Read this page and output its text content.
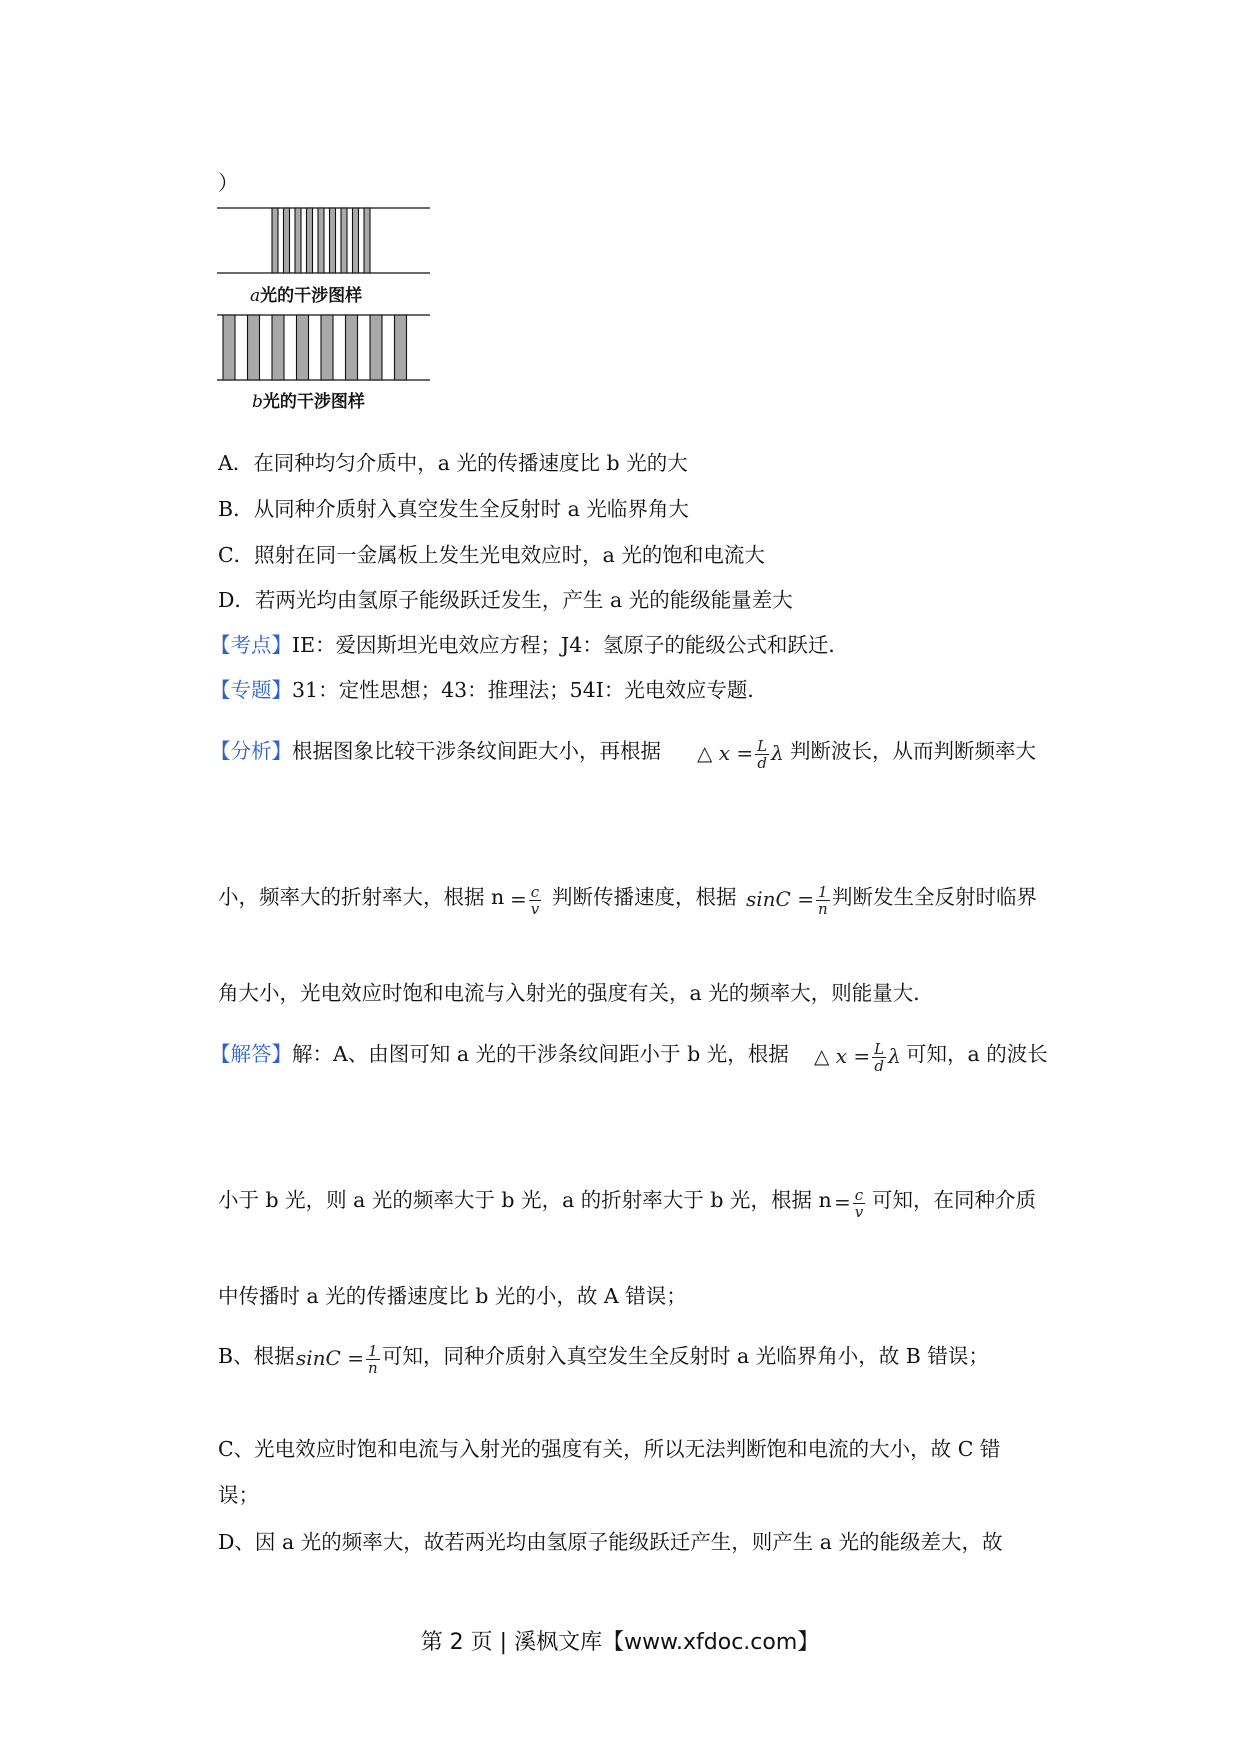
）
a光的干涉图样
b光的干涉图样
A．在同种均匀介质中，a 光的传播速度比 b 光的大
B．从同种介质射入真空发生全反射时 a 光临界角大
C．照射在同一金属板上发生光电效应时，a 光的饱和电流大
D．若两光均由氢原子能级跃迁发生，产生 a 光的能级能量差大
【考点】IE：爱因斯坦光电效应方程；J4：氢原子的能级公式和跃迁．
【专题】31：定性思想；43：推理法；54I：光电效应专题．
【分析】根据图象比较干涉条纹间距大小，再根据 △ $x = \frac{L}{d}$ λ 判断波长，从而判断频率大
小，频率大的折射率大，根据 $n = \frac{c}{v}$ 判断传播速度，根据 $\sin C = \frac{1}{n}$ 判断发生全反射时临界
角大小，光电效应时饱和电流与入射光的强度有关，a 光的频率大，则能量大．
【解答】解：A、由图可知 a 光的干涉条纹间距小于 b 光，根据 △ $x = \frac{L}{d}$ λ 可知，a 的波长
小于 b 光，则 a 光的频率大于 b 光，a 的折射率大于 b 光，根据 $n = \frac{c}{v}$ 可知，在同种介质
中传播时 a 光的传播速度比 b 光的小，故 A 错误；
B、根据 $\sin C = \frac{1}{n}$ 可知，同种介质射入真空发生全反射时 a 光临界角小，故 B 错误；
C、光电效应时饱和电流与入射光的强度有关，所以无法判断饱和电流的大小，故 C 错
误；
D、因 a 光的频率大，故若两光均由氢原子能级跃迁产生，则产生 a 光的能级差大，故
第 2 页 | 溪枫文库【www.xfdoc.com】
